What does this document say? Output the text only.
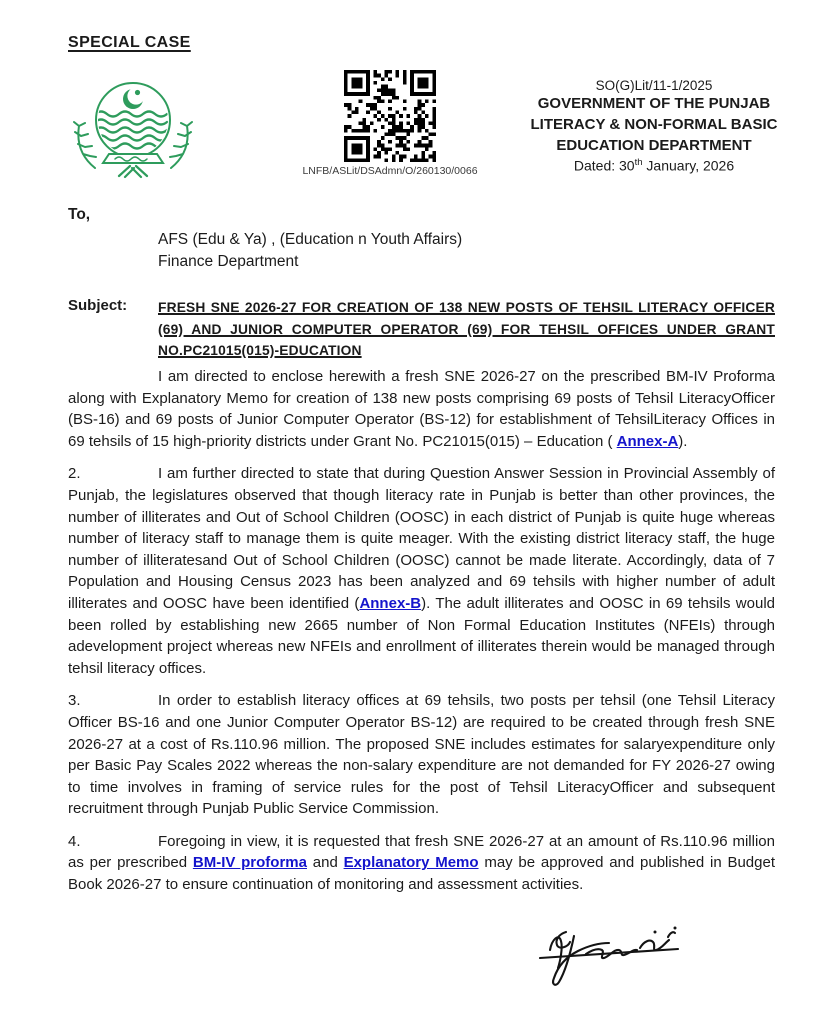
SPECIAL CASE
LNFB/ASLit/DSAdmn/O/260130/0066
SO(G)Lit/11-1/2025
GOVERNMENT OF THE PUNJAB
LITERACY & NON-FORMAL BASIC
EDUCATION DEPARTMENT
Dated: 30th January, 2026
To,
AFS (Edu & Ya) , (Education n Youth Affairs)
Finance Department
Subject:	FRESH SNE 2026-27 FOR CREATION OF 138 NEW POSTS OF TEHSIL LITERACY OFFICER (69) AND JUNIOR COMPUTER OPERATOR (69) FOR TEHSIL OFFICES UNDER GRANT NO.PC21015(015)-EDUCATION
I am directed to enclose herewith a fresh SNE 2026-27 on the prescribed BM-IV Proforma along with Explanatory Memo for creation of 138 new posts comprising 69 posts of Tehsil LiteracyOfficer (BS-16) and 69 posts of Junior Computer Operator (BS-12) for establishment of TehsilLiteracy Offices in 69 tehsils of 15 high-priority districts under Grant No. PC21015(015) – Education ( Annex-A).
2.	I am further directed to state that during Question Answer Session in Provincial Assembly of Punjab, the legislatures observed that though literacy rate in Punjab is better than other provinces, the number of illiterates and Out of School Children (OOSC) in each district of Punjab is quite huge whereas number of literacy staff to manage them is quite meager. With the existing district literacy staff, the huge number of illiteratesand Out of School Children (OOSC) cannot be made literate. Accordingly, data of 7 Population and Housing Census 2023 has been analyzed and 69 tehsils with higher number of adult illiterates and OOSC have been identified (Annex-B). The adult illiterates and OOSC in 69 tehsils would been rolled by establishing new 2665 number of Non Formal Education Institutes (NFEIs) through adevelopment project whereas new NFEIs and enrollment of illiterates therein would be managed through tehsil literacy offices.
3.	In order to establish literacy offices at 69 tehsils, two posts per tehsil (one Tehsil Literacy Officer BS-16 and one Junior Computer Operator BS-12) are required to be created through fresh SNE 2026-27 at a cost of Rs.110.96 million. The proposed SNE includes estimates for salaryexpenditure only per Basic Pay Scales 2022 whereas the non-salary expenditure are not demanded for FY 2026-27 owing to time involves in framing of service rules for the post of Tehsil LiteracyOfficer and subsequent recruitment through Punjab Public Service Commission.
4.	Foregoing in view, it is requested that fresh SNE 2026-27 at an amount of Rs.110.96 million as per prescribed BM-IV proforma and Explanatory Memo may be approved and published in Budget Book 2026-27 to ensure continuation of monitoring and assessment activities.
